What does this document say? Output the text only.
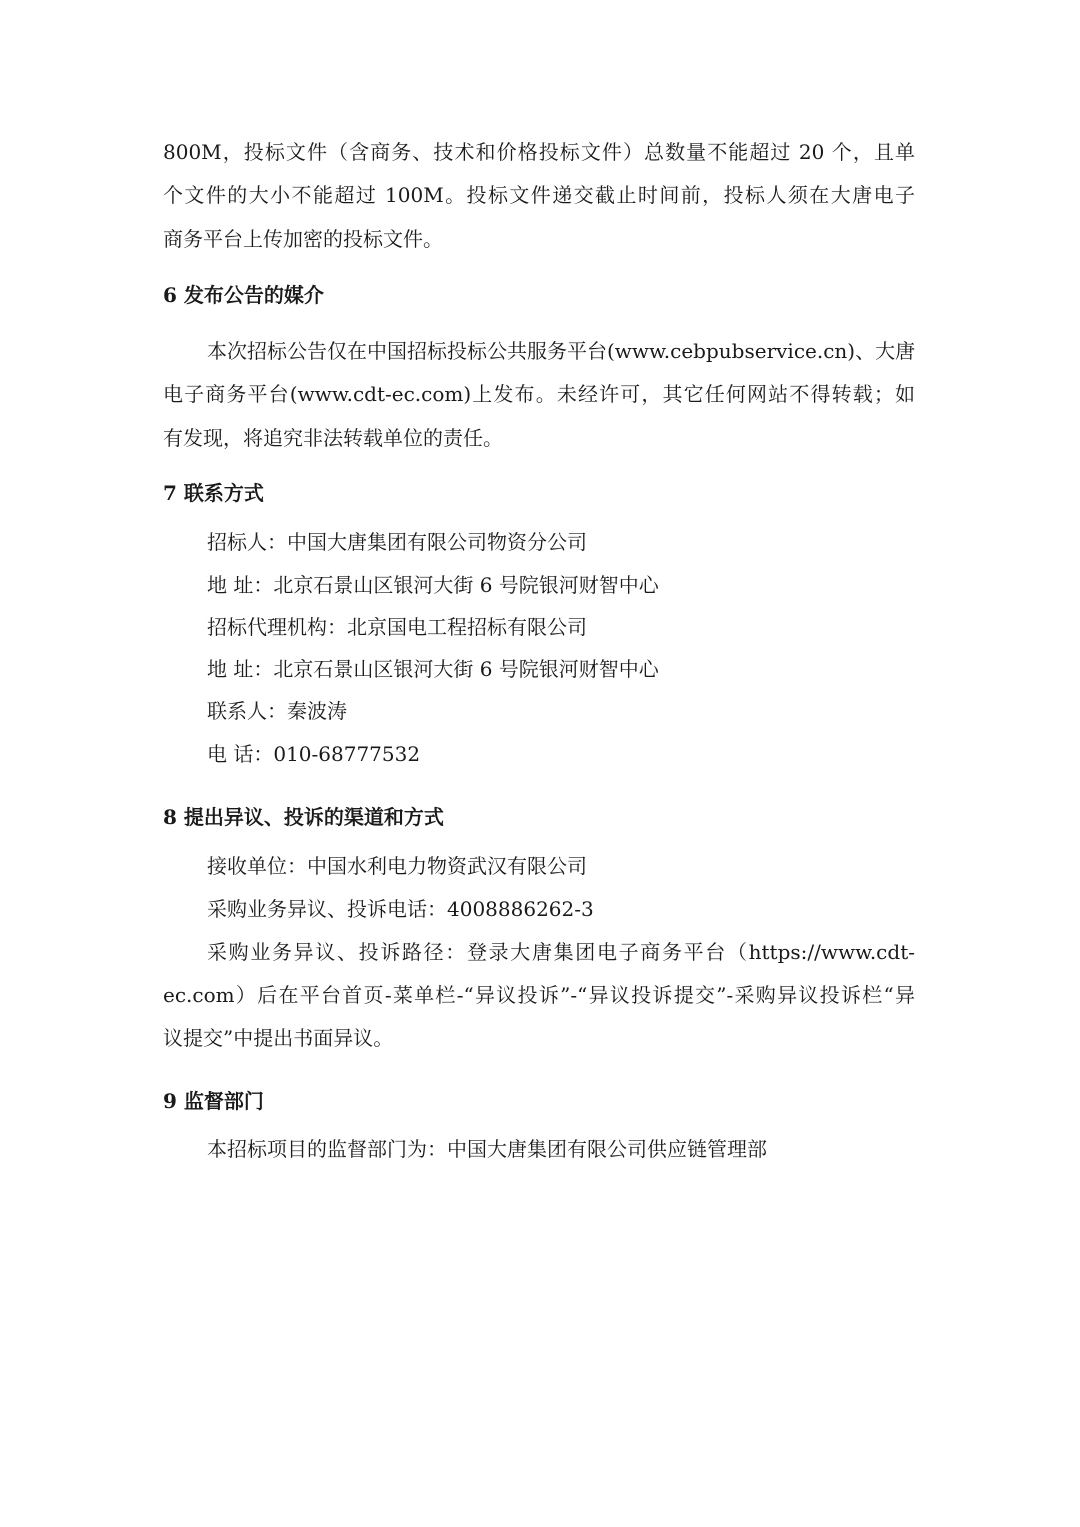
800M，投标文件（含商务、技术和价格投标文件）总数量不能超过 20 个，且单
个文件的大小不能超过 100M。投标文件递交截止时间前，投标人须在大唐电子
商务平台上传加密的投标文件。
6 发布公告的媒介
本次招标公告仅在中国招标投标公共服务平台(www.cebpubservice.cn)、大唐
电子商务平台(www.cdt-ec.com)上发布。未经许可，其它任何网站不得转载；如
有发现，将追究非法转载单位的责任。
7 联系方式
招标人：中国大唐集团有限公司物资分公司
地 址：北京石景山区银河大街 6 号院银河财智中心
招标代理机构：北京国电工程招标有限公司
地 址：北京石景山区银河大街 6 号院银河财智中心
联系人：秦波涛
电 话：010-68777532
8 提出异议、投诉的渠道和方式
接收单位：中国水利电力物资武汉有限公司
采购业务异议、投诉电话：4008886262-3
采购业务异议、投诉路径：登录大唐集团电子商务平台（https://www.cdt-
ec.com）后在平台首页-菜单栏-“异议投诉”-“异议投诉提交”-采购异议投诉栏“异
议提交”中提出书面异议。
9 监督部门
本招标项目的监督部门为：中国大唐集团有限公司供应链管理部
